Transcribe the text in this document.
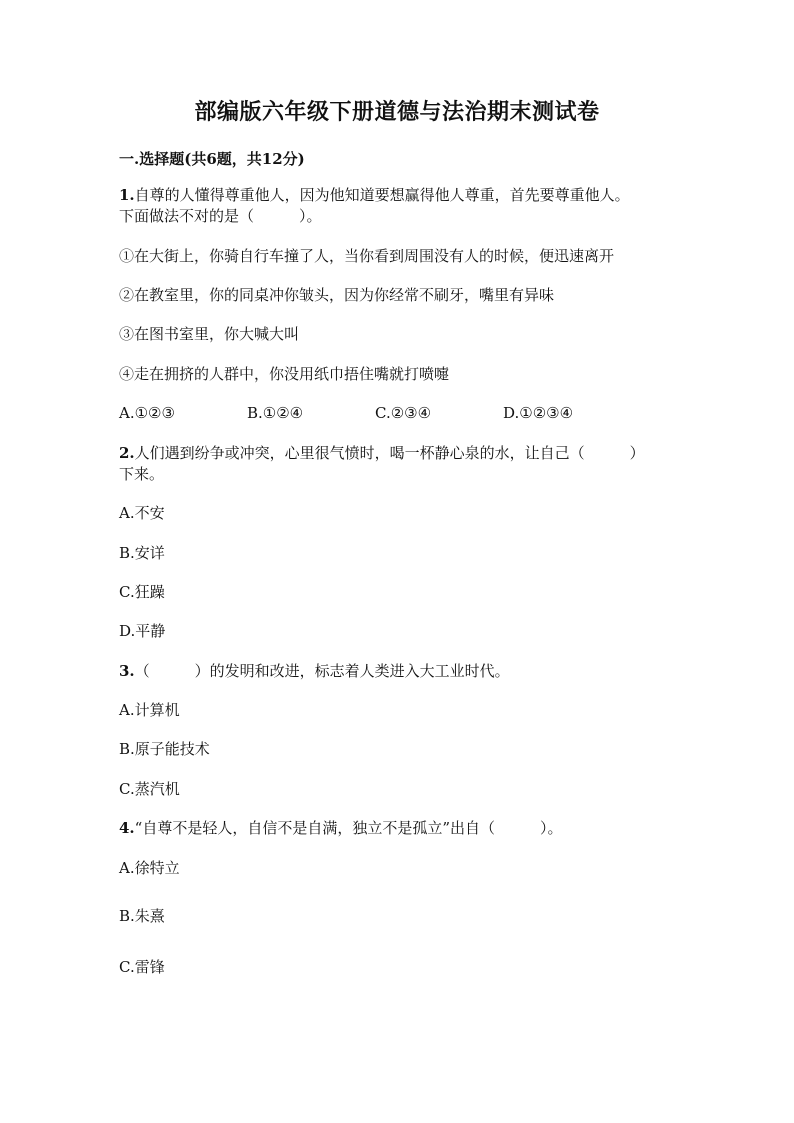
部编版六年级下册道德与法治期末测试卷
一.选择题(共6题，共12分)
1.自尊的人懂得尊重他人，因为他知道要想赢得他人尊重，首先要尊重他人。
下面做法不对的是（　　　）。
①在大街上，你骑自行车撞了人，当你看到周围没有人的时候，便迅速离开
②在教室里，你的同桌冲你皱头，因为你经常不刷牙，嘴里有异味
③在图书室里，你大喊大叫
④走在拥挤的人群中，你没用纸巾捂住嘴就打喷嚏
A.①②③	B.①②④	C.②③④	D.①②③④
2.人们遇到纷争或冲突，心里很气愤时，喝一杯静心泉的水，让自己（　　　）
下来。
A.不安
B.安详
C.狂躁
D.平静
3.（　　　）的发明和改进，标志着人类进入大工业时代。
A.计算机
B.原子能技术
C.蒸汽机
4.“自尊不是轻人，自信不是自满，独立不是孤立”出自（　　　）。
A.徐特立
B.朱熹
C.雷锋
